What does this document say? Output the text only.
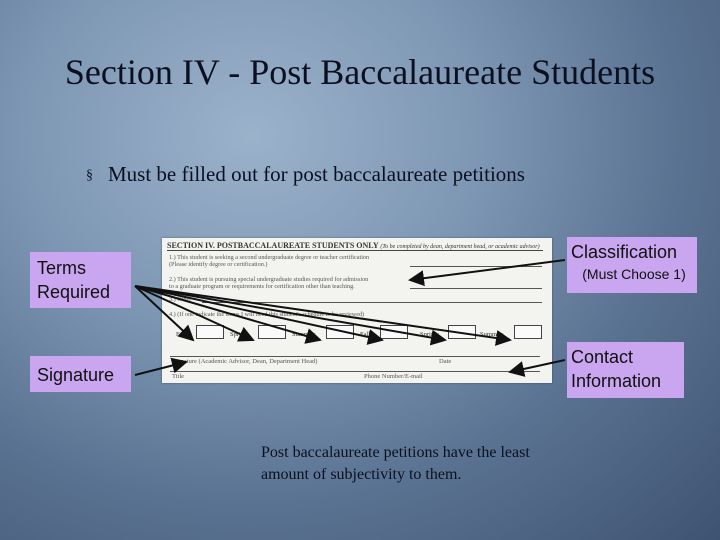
Section IV - Post Baccalaureate Students
§ Must be filled out for post baccalaureate petitions
SECTION IV. POSTBACCALAUREATE STUDENTS ONLY (To be completed by dean, department head, or academic advisor)
1.) This student is seeking a second undergraduate degree or teacher certification
(Please identify degree or certification.)
2.) This student is pursuing special undergraduate studies required for admission
to a graduate program or requirements for certification other than teaching.
3.) Other
4.) (If one indicate the terms I will need this student's schedule to be reviewed)
Fall:	Spring:	Summer:	Fall:	Spring:	Summer:
Signature (Academic Advisor, Dean, Department Head)	Date
Title	Phone Number/E-mail
Terms Required
Signature
Classification
(Must Choose 1)
Contact Information
Post baccalaureate petitions have the least amount of subjectivity to them.
